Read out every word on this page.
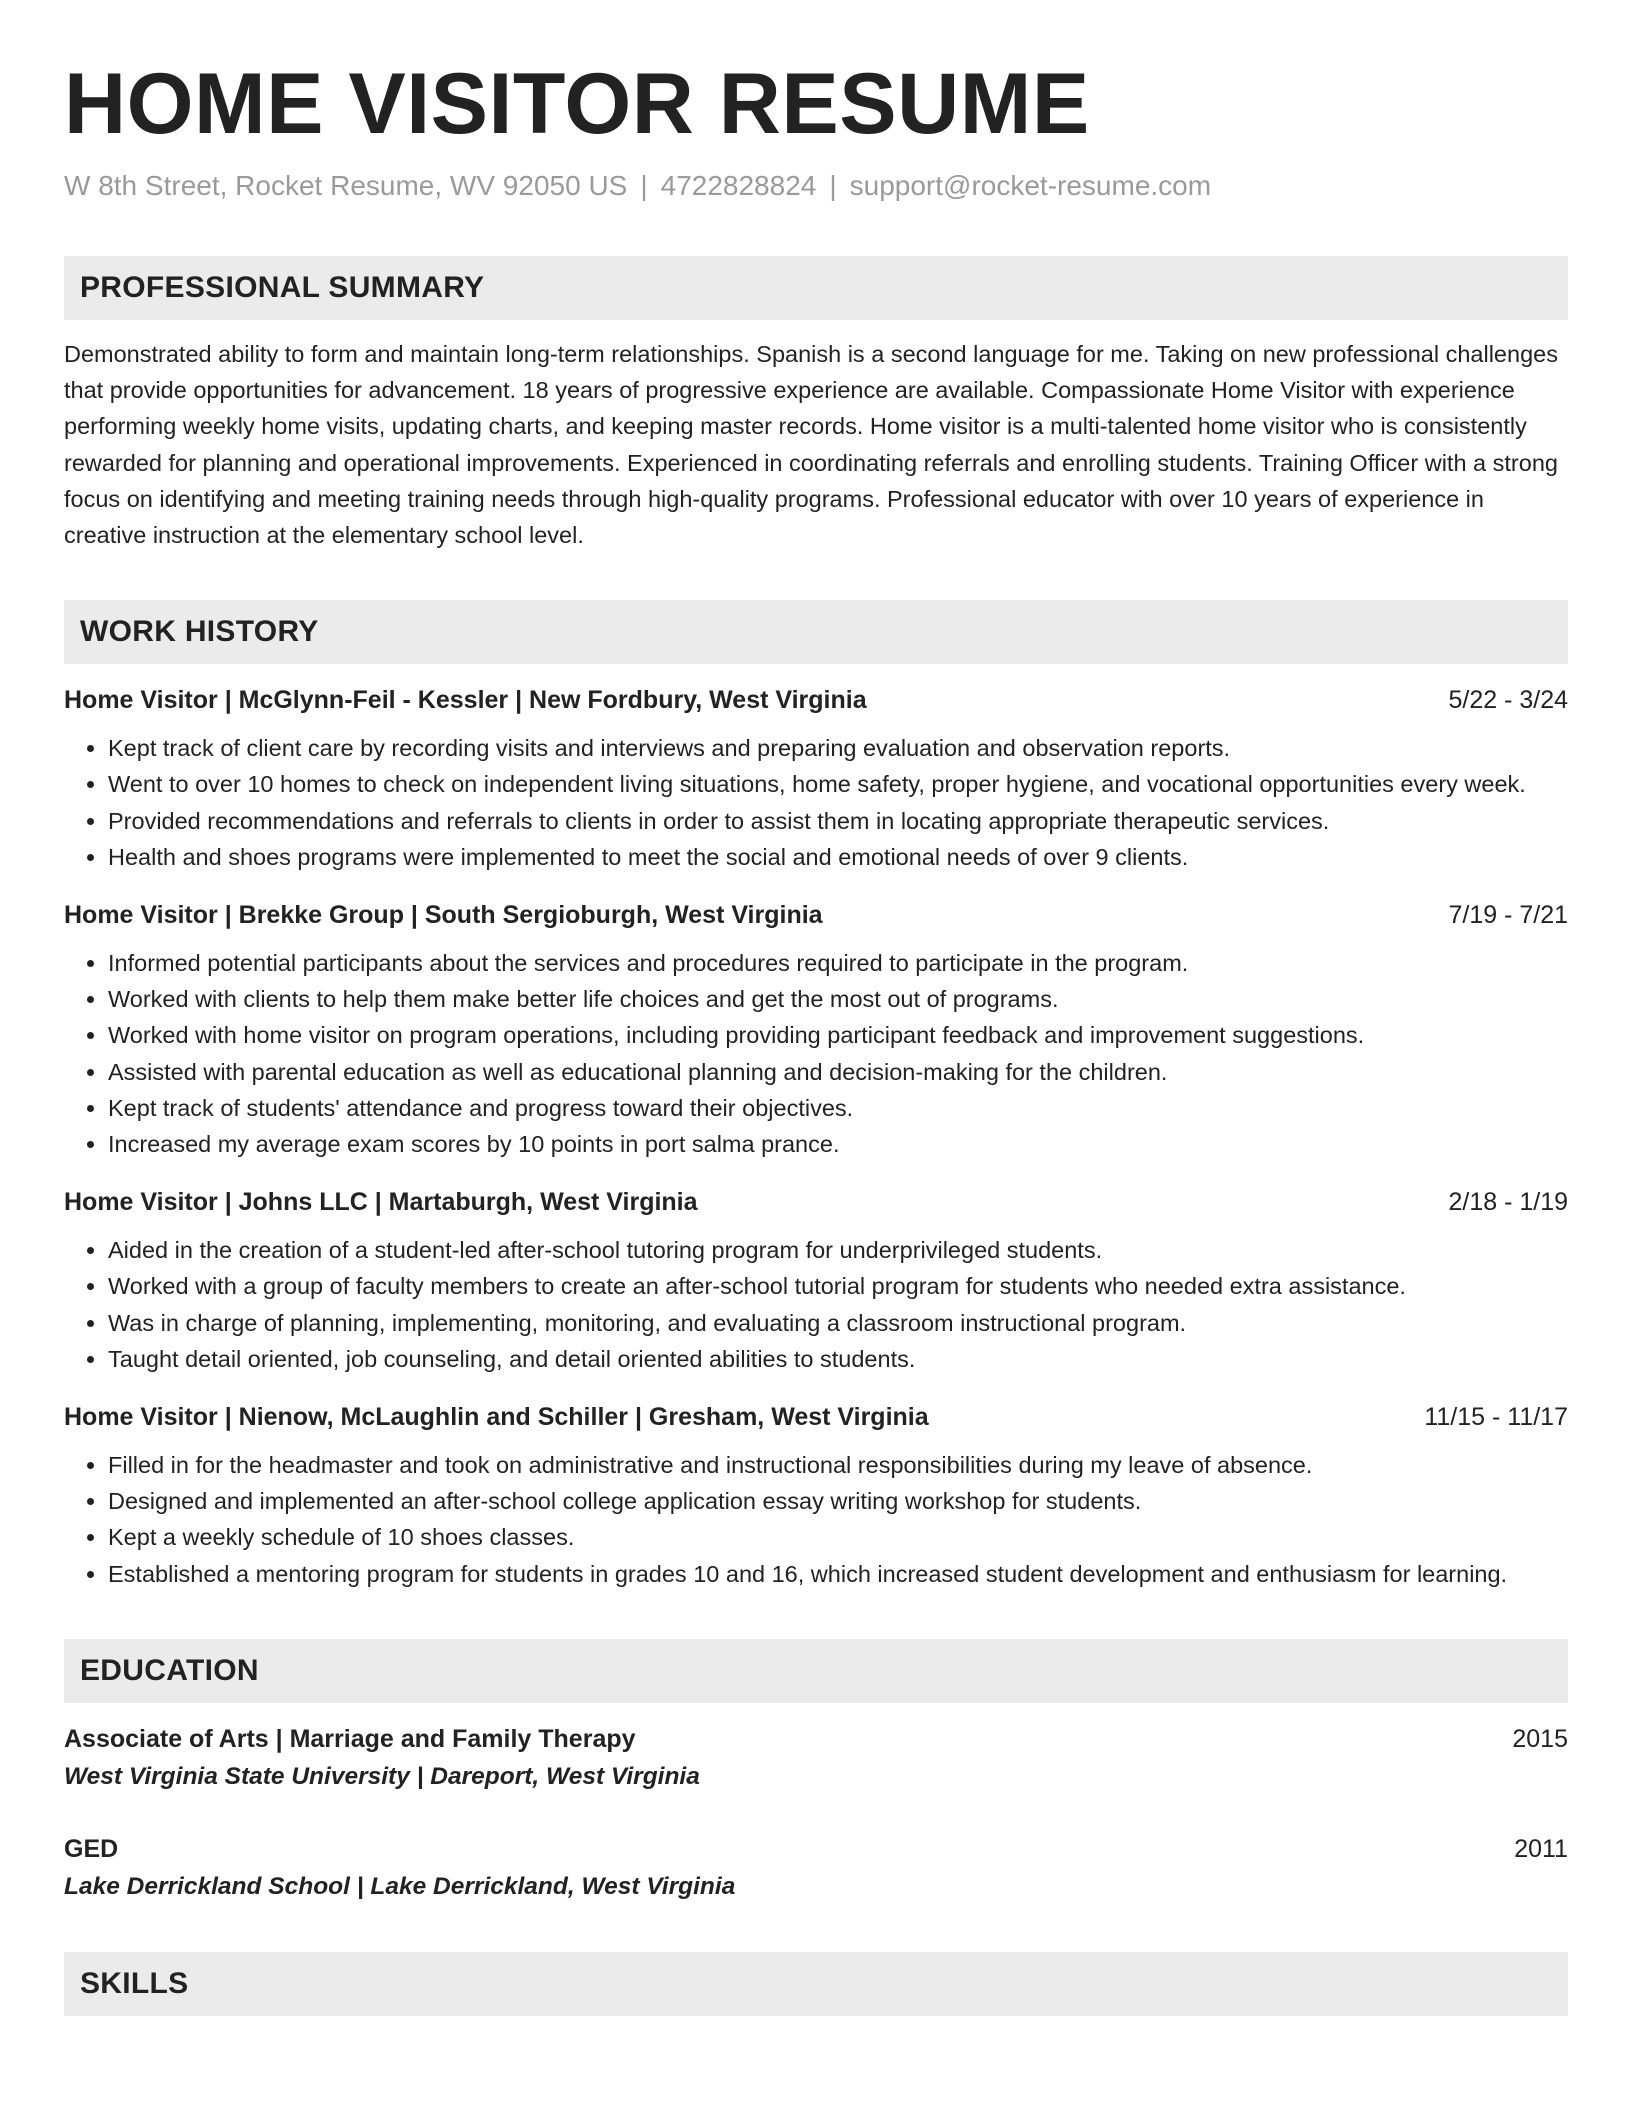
HOME VISITOR RESUME
W 8th Street, Rocket Resume, WV 92050 US | 4722828824 | support@rocket-resume.com
PROFESSIONAL SUMMARY
Demonstrated ability to form and maintain long-term relationships. Spanish is a second language for me. Taking on new professional challenges that provide opportunities for advancement. 18 years of progressive experience are available. Compassionate Home Visitor with experience performing weekly home visits, updating charts, and keeping master records. Home visitor is a multi-talented home visitor who is consistently rewarded for planning and operational improvements. Experienced in coordinating referrals and enrolling students. Training Officer with a strong focus on identifying and meeting training needs through high-quality programs. Professional educator with over 10 years of experience in creative instruction at the elementary school level.
WORK HISTORY
Home Visitor | McGlynn-Feil - Kessler | New Fordbury, West Virginia	5/22 - 3/24
• Kept track of client care by recording visits and interviews and preparing evaluation and observation reports.
• Went to over 10 homes to check on independent living situations, home safety, proper hygiene, and vocational opportunities every week.
• Provided recommendations and referrals to clients in order to assist them in locating appropriate therapeutic services.
• Health and shoes programs were implemented to meet the social and emotional needs of over 9 clients.
Home Visitor | Brekke Group | South Sergioburgh, West Virginia	7/19 - 7/21
• Informed potential participants about the services and procedures required to participate in the program.
• Worked with clients to help them make better life choices and get the most out of programs.
• Worked with home visitor on program operations, including providing participant feedback and improvement suggestions.
• Assisted with parental education as well as educational planning and decision-making for the children.
• Kept track of students' attendance and progress toward their objectives.
• Increased my average exam scores by 10 points in port salma prance.
Home Visitor | Johns LLC | Martaburgh, West Virginia	2/18 - 1/19
• Aided in the creation of a student-led after-school tutoring program for underprivileged students.
• Worked with a group of faculty members to create an after-school tutorial program for students who needed extra assistance.
• Was in charge of planning, implementing, monitoring, and evaluating a classroom instructional program.
• Taught detail oriented, job counseling, and detail oriented abilities to students.
Home Visitor | Nienow, McLaughlin and Schiller | Gresham, West Virginia	11/15 - 11/17
• Filled in for the headmaster and took on administrative and instructional responsibilities during my leave of absence.
• Designed and implemented an after-school college application essay writing workshop for students.
• Kept a weekly schedule of 10 shoes classes.
• Established a mentoring program for students in grades 10 and 16, which increased student development and enthusiasm for learning.
EDUCATION
Associate of Arts | Marriage and Family Therapy	2015
West Virginia State University | Dareport, West Virginia
GED	2011
Lake Derrickland School | Lake Derrickland, West Virginia
SKILLS
